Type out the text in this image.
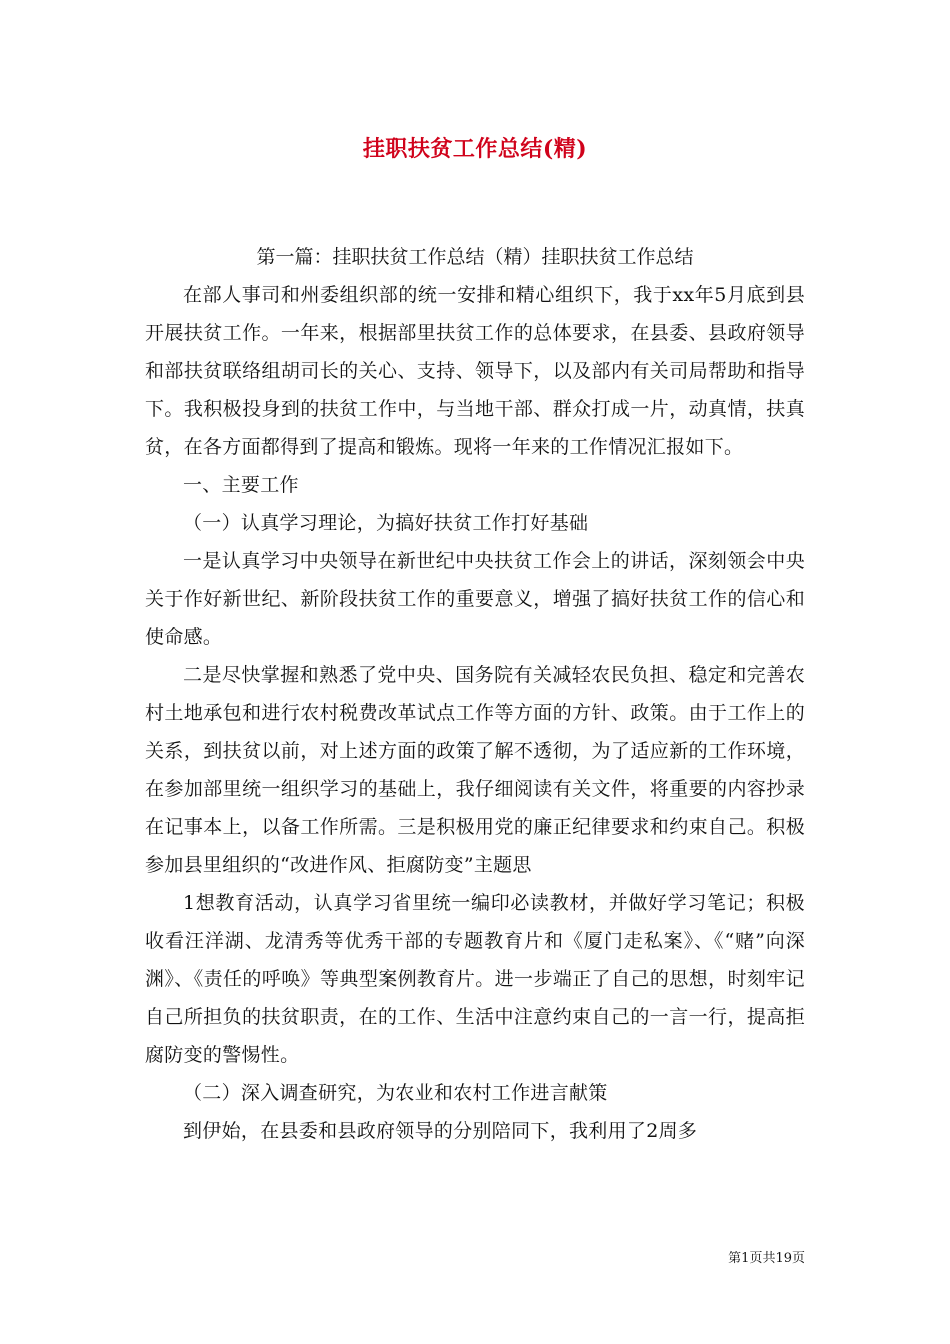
挂职扶贫工作总结(精)

第一篇：挂职扶贫工作总结（精）挂职扶贫工作总结

在部人事司和州委组织部的统一安排和精心组织下，我于xx年5月底到县开展扶贫工作。一年来，根据部里扶贫工作的总体要求，在县委、县政府领导和部扶贫联络组胡司长的关心、支持、领导下，以及部内有关司局帮助和指导下。我积极投身到的扶贫工作中，与当地干部、群众打成一片，动真情，扶真贫，在各方面都得到了提高和锻炼。现将一年来的工作情况汇报如下。

一、主要工作

（一）认真学习理论，为搞好扶贫工作打好基础

一是认真学习中央领导在新世纪中央扶贫工作会上的讲话，深刻领会中央关于作好新世纪、新阶段扶贫工作的重要意义，增强了搞好扶贫工作的信心和使命感。

二是尽快掌握和熟悉了党中央、国务院有关减轻农民负担、稳定和完善农村土地承包和进行农村税费改革试点工作等方面的方针、政策。由于工作上的关系，到扶贫以前，对上述方面的政策了解不透彻，为了适应新的工作环境，在参加部里统一组织学习的基础上，我仔细阅读有关文件，将重要的内容抄录在记事本上，以备工作所需。三是积极用党的廉正纪律要求和约束自己。积极参加县里组织的“改进作风、拒腐防变”主题思

1想教育活动，认真学习省里统一编印必读教材，并做好学习笔记；积极收看汪洋湖、龙清秀等优秀干部的专题教育片和《厦门走私案》、《“赌”向深渊》、《责任的呼唤》等典型案例教育片。进一步端正了自己的思想，时刻牢记自己所担负的扶贫职责，在的工作、生活中注意约束自己的一言一行，提高拒腐防变的警惕性。

（二）深入调查研究，为农业和农村工作进言献策

到伊始，在县委和县政府领导的分别陪同下，我利用了2周多

第1页共19页
